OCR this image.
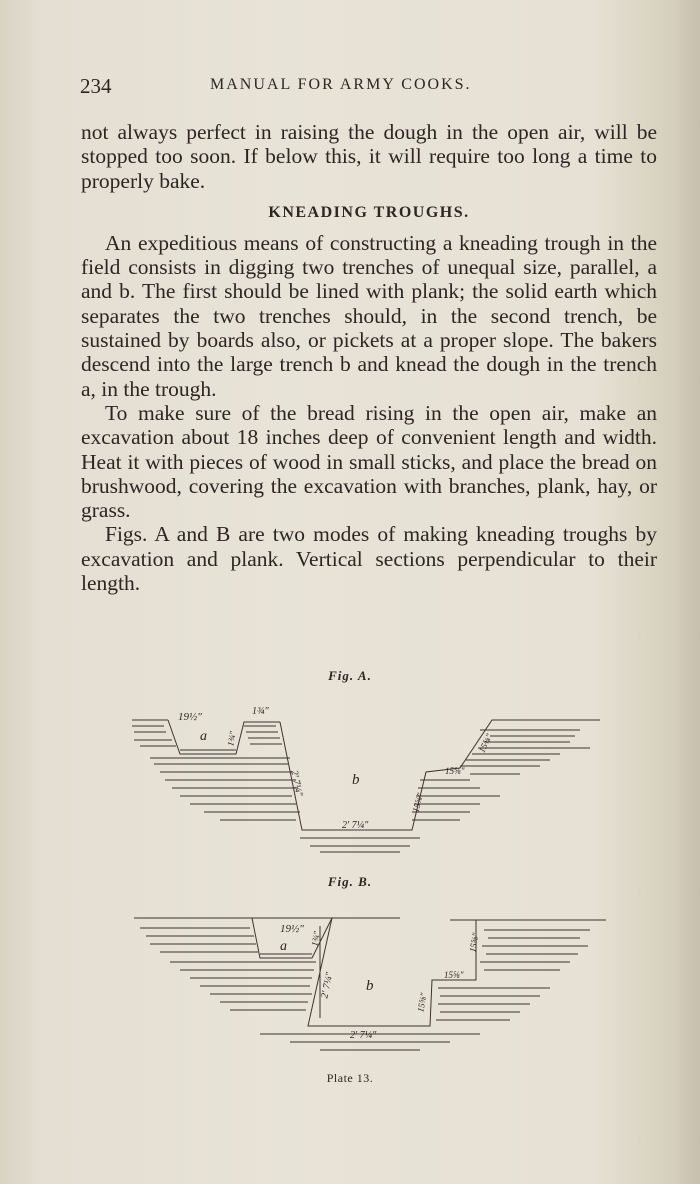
234	MANUAL FOR ARMY COOKS.

not always perfect in raising the dough in the open air, will be stopped too soon. If below this, it will require too long a time to properly bake.

KNEADING TROUGHS.

An expeditious means of constructing a kneading trough in the field consists in digging two trenches of unequal size, parallel, a and b. The first should be lined with plank; the solid earth which separates the two trenches should, in the second trench, be sustained by boards also, or pickets at a proper slope. The bakers descend into the large trench b and knead the dough in the trench a, in the trough.

To make sure of the bread rising in the open air, make an excavation about 18 inches deep of convenient length and width. Heat it with pieces of wood in small sticks, and place the bread on brushwood, covering the excavation with branches, plank, hay, or grass.

Figs. A and B are two modes of making kneading troughs by excavation and plank. Vertical sections perpendicular to their length.

Fig. A.
19½"	1¾"
a 1¾"
b
2' 7¼"
2' 7¼"
15⅝"
15⅝"
15⅝"
Fig. B.
19½"
a 1¾"
b
2' 7¼"
2' 7¼"
15⅝"
15⅝"
15⅝"
Plate 13.
